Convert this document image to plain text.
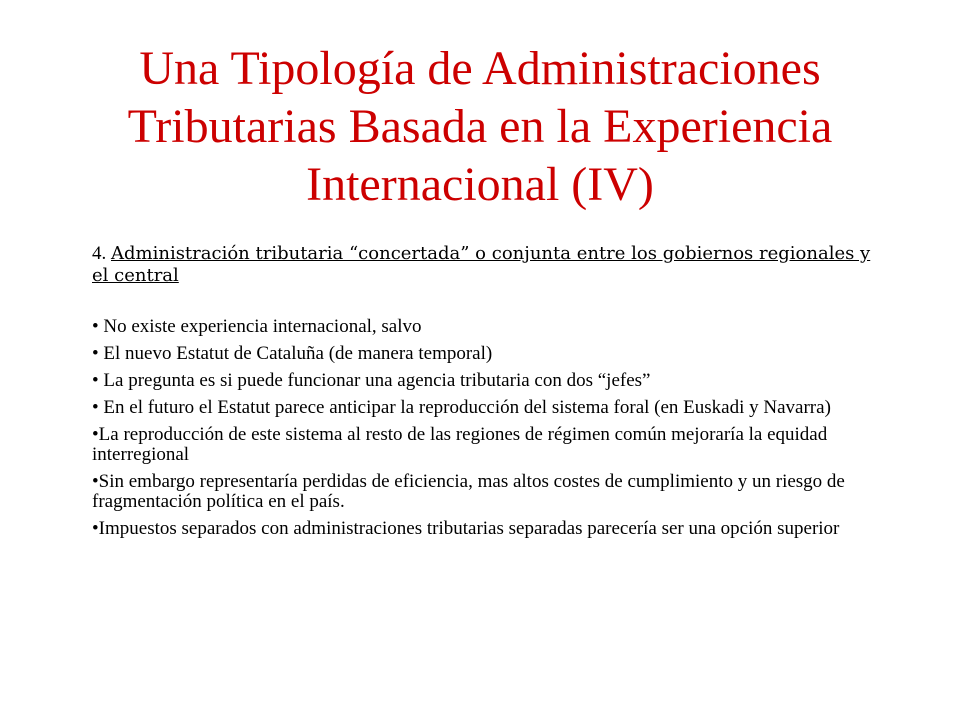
Una Tipología de Administraciones Tributarias Basada en la Experiencia Internacional (IV)

4. Administración tributaria “concertada” o conjunta entre los gobiernos regionales y el central

• No existe experiencia internacional, salvo

• El nuevo Estatut de Cataluña (de manera temporal)

• La pregunta es si puede funcionar una agencia tributaria con dos “jefes”

• En el futuro el Estatut parece anticipar la reproducción del sistema foral (en Euskadi y Navarra)

•La reproducción de este sistema al resto de las regiones de régimen común mejoraría la equidad interregional

•Sin embargo representaría perdidas de eficiencia, mas altos costes de cumplimiento y un riesgo de fragmentación política en el país.

•Impuestos separados con administraciones tributarias separadas parecería ser una opción superior
